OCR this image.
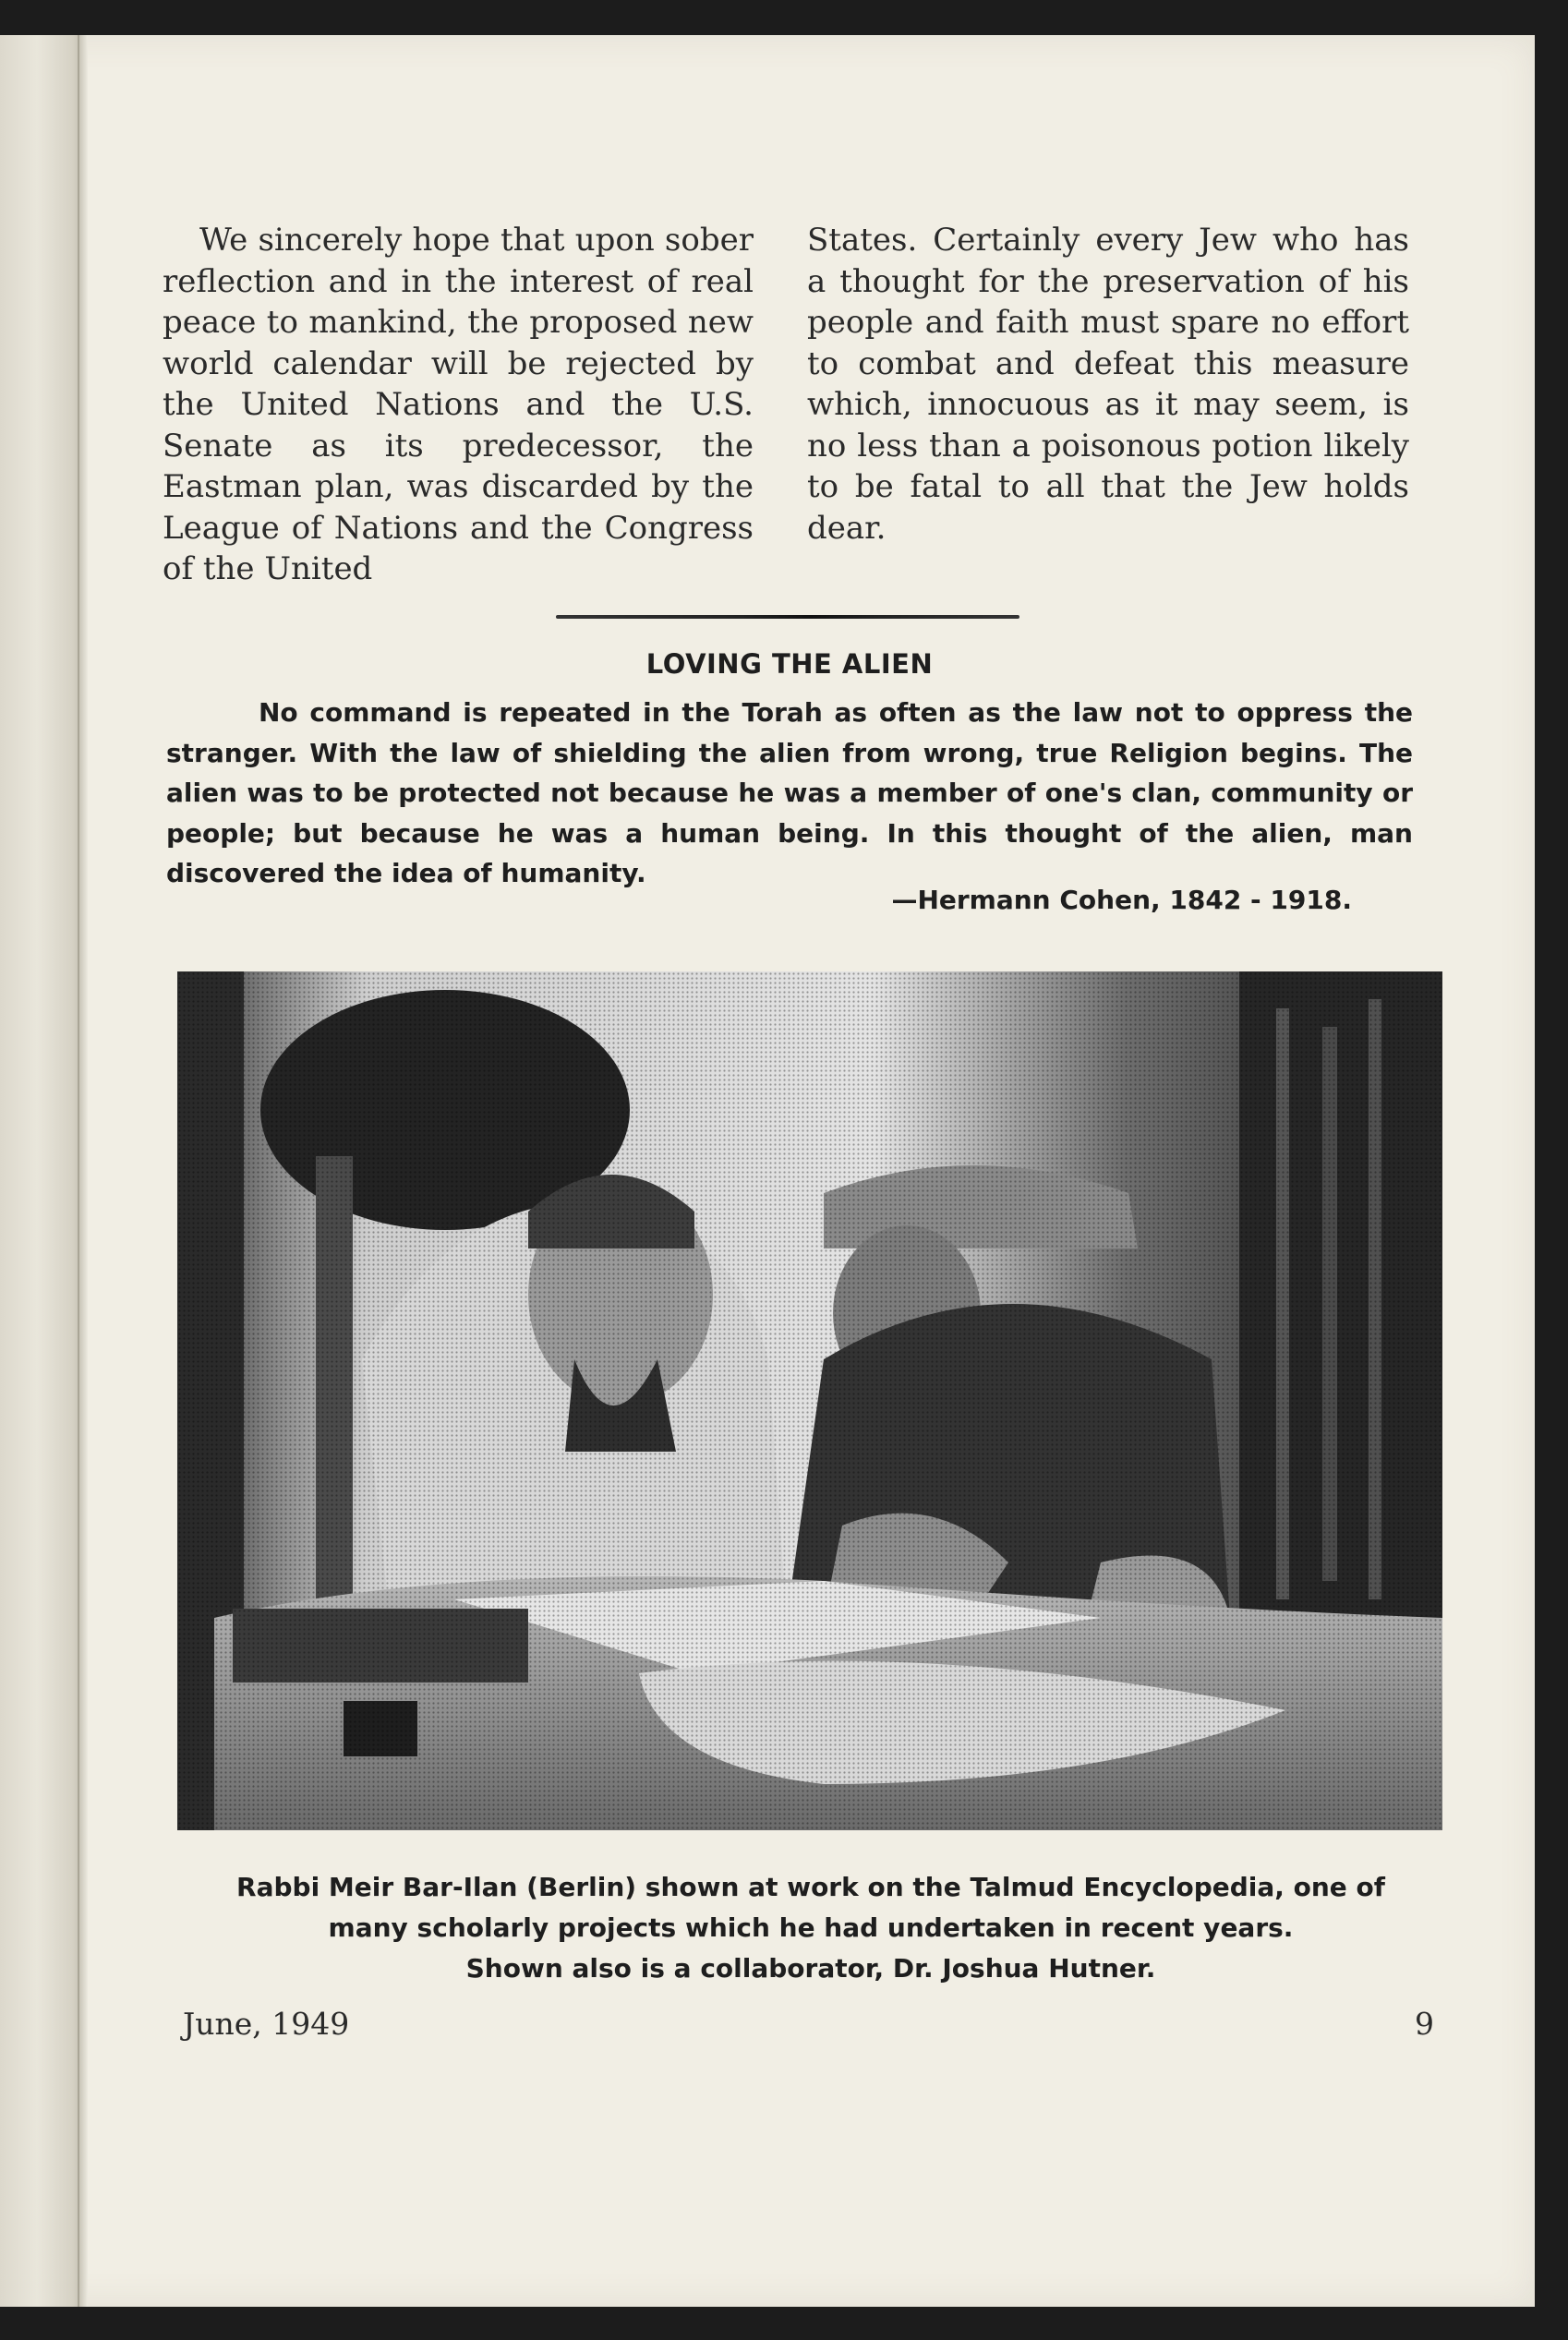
We sincerely hope that upon sober reflection and in the interest of real peace to mankind, the proposed new world calendar will be rejected by the United Nations and the U.S. Senate as its predecessor, the Eastman plan, was discarded by the League of Nations and the Congress of the United

States. Certainly every Jew who has a thought for the preservation of his people and faith must spare no effort to combat and defeat this measure which, innocuous as it may seem, is no less than a poisonous potion likely to be fatal to all that the Jew holds dear.

LOVING THE ALIEN

No command is repeated in the Torah as often as the law not to oppress the stranger. With the law of shielding the alien from wrong, true Religion begins. The alien was to be protected not because he was a member of one's clan, community or people; but because he was a human being. In this thought of the alien, man discovered the idea of humanity.

—Hermann Cohen, 1842 - 1918.

Rabbi Meir Bar-Ilan (Berlin) shown at work on the Talmud Encyclopedia, one of
many scholarly projects which he had undertaken in recent years.
Shown also is a collaborator, Dr. Joshua Hutner.

June, 1949	9
